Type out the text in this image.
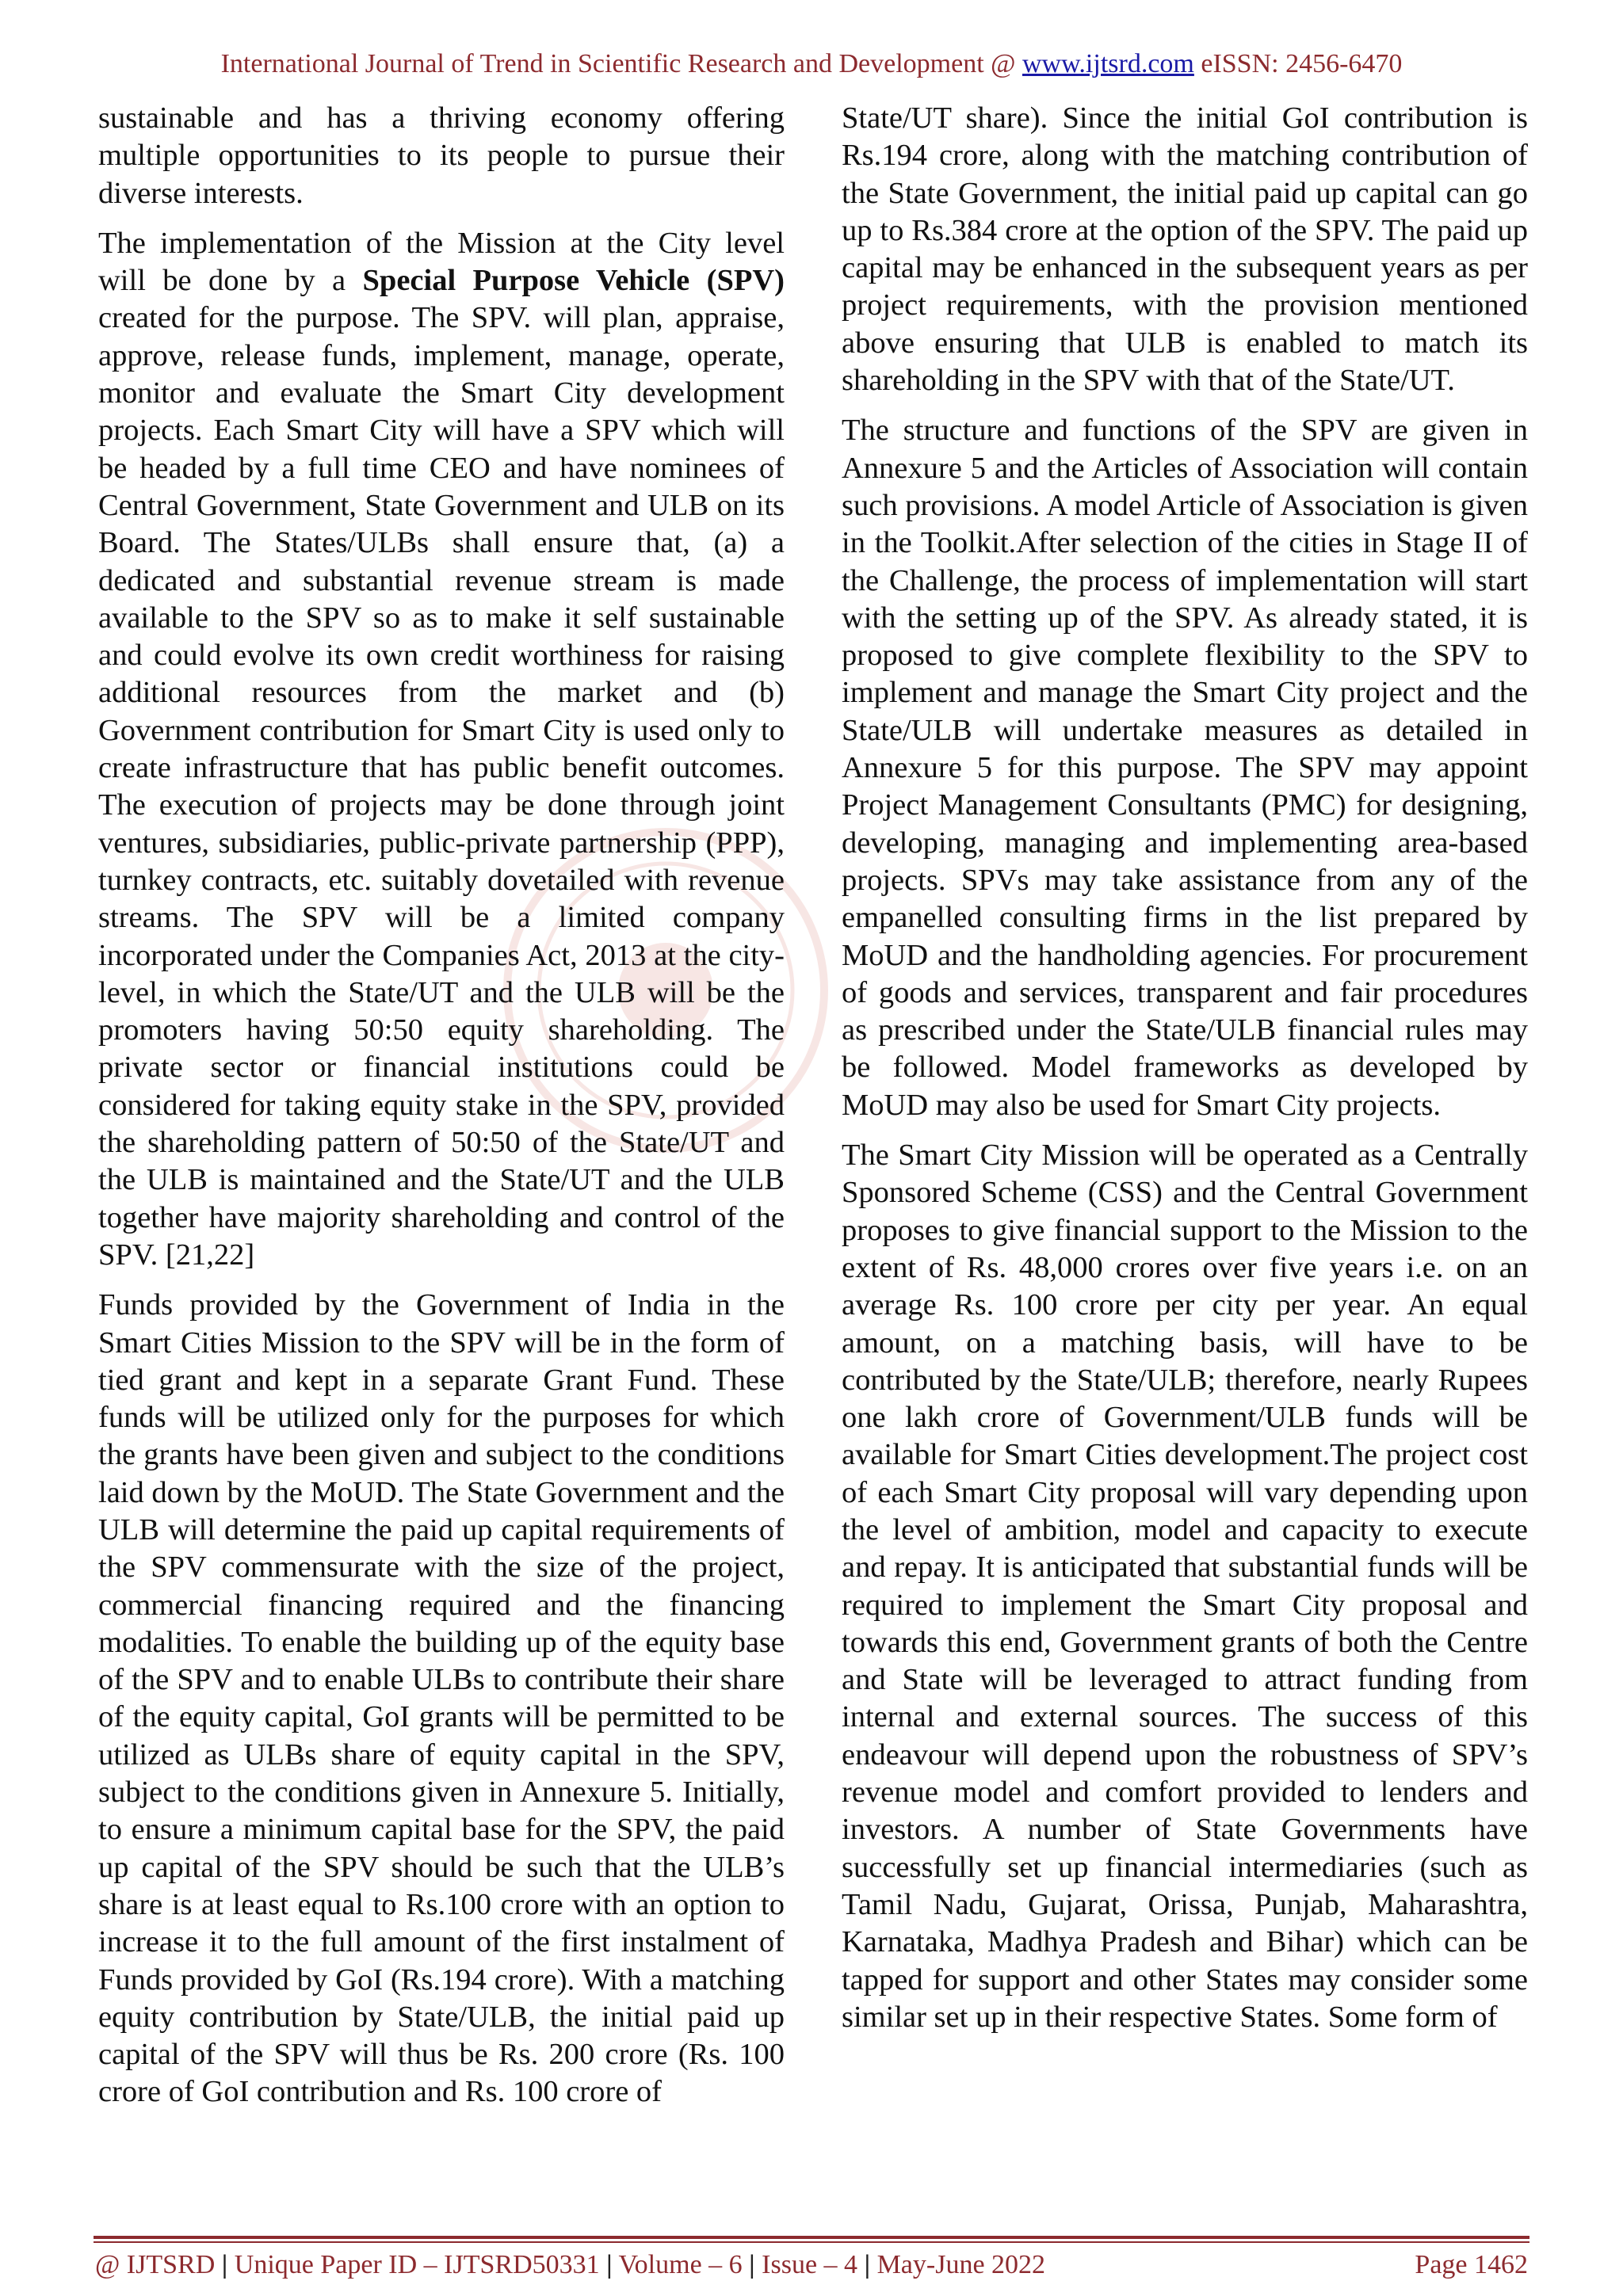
International Journal of Trend in Scientific Research and Development @ www.ijtsrd.com eISSN: 2456-6470

sustainable and has a thriving economy offering multiple opportunities to its people to pursue their diverse interests.

The implementation of the Mission at the City level will be done by a Special Purpose Vehicle (SPV) created for the purpose. The SPV. will plan, appraise, approve, release funds, implement, manage, operate, monitor and evaluate the Smart City development projects. Each Smart City will have a SPV which will be headed by a full time CEO and have nominees of Central Government, State Government and ULB on its Board. The States/ULBs shall ensure that, (a) a dedicated and substantial revenue stream is made available to the SPV so as to make it self sustainable and could evolve its own credit worthiness for raising additional resources from the market and (b) Government contribution for Smart City is used only to create infrastructure that has public benefit outcomes. The execution of projects may be done through joint ventures, subsidiaries, public-private partnership (PPP), turnkey contracts, etc. suitably dovetailed with revenue streams. The SPV will be a limited company incorporated under the Companies Act, 2013 at the city-level, in which the State/UT and the ULB will be the promoters having 50:50 equity shareholding. The private sector or financial institutions could be considered for taking equity stake in the SPV, provided the shareholding pattern of 50:50 of the State/UT and the ULB is maintained and the State/UT and the ULB together have majority shareholding and control of the SPV. [21,22]

Funds provided by the Government of India in the Smart Cities Mission to the SPV will be in the form of tied grant and kept in a separate Grant Fund. These funds will be utilized only for the purposes for which the grants have been given and subject to the conditions laid down by the MoUD. The State Government and the ULB will determine the paid up capital requirements of the SPV commensurate with the size of the project, commercial financing required and the financing modalities. To enable the building up of the equity base of the SPV and to enable ULBs to contribute their share of the equity capital, GoI grants will be permitted to be utilized as ULBs share of equity capital in the SPV, subject to the conditions given in Annexure 5. Initially, to ensure a minimum capital base for the SPV, the paid up capital of the SPV should be such that the ULB’s share is at least equal to Rs.100 crore with an option to increase it to the full amount of the first instalment of Funds provided by GoI (Rs.194 crore). With a matching equity contribution by State/ULB, the initial paid up capital of the SPV will thus be Rs. 200 crore (Rs. 100 crore of GoI contribution and Rs. 100 crore of

State/UT share). Since the initial GoI contribution is Rs.194 crore, along with the matching contribution of the State Government, the initial paid up capital can go up to Rs.384 crore at the option of the SPV. The paid up capital may be enhanced in the subsequent years as per project requirements, with the provision mentioned above ensuring that ULB is enabled to match its shareholding in the SPV with that of the State/UT.

The structure and functions of the SPV are given in Annexure 5 and the Articles of Association will contain such provisions. A model Article of Association is given in the Toolkit.After selection of the cities in Stage II of the Challenge, the process of implementation will start with the setting up of the SPV. As already stated, it is proposed to give complete flexibility to the SPV to implement and manage the Smart City project and the State/ULB will undertake measures as detailed in Annexure 5 for this purpose. The SPV may appoint Project Management Consultants (PMC) for designing, developing, managing and implementing area-based projects. SPVs may take assistance from any of the empanelled consulting firms in the list prepared by MoUD and the handholding agencies. For procurement of goods and services, transparent and fair procedures as prescribed under the State/ULB financial rules may be followed. Model frameworks as developed by MoUD may also be used for Smart City projects.

The Smart City Mission will be operated as a Centrally Sponsored Scheme (CSS) and the Central Government proposes to give financial support to the Mission to the extent of Rs. 48,000 crores over five years i.e. on an average Rs. 100 crore per city per year. An equal amount, on a matching basis, will have to be contributed by the State/ULB; therefore, nearly Rupees one lakh crore of Government/ULB funds will be available for Smart Cities development.The project cost of each Smart City proposal will vary depending upon the level of ambition, model and capacity to execute and repay. It is anticipated that substantial funds will be required to implement the Smart City proposal and towards this end, Government grants of both the Centre and State will be leveraged to attract funding from internal and external sources. The success of this endeavour will depend upon the robustness of SPV’s revenue model and comfort provided to lenders and investors. A number of State Governments have successfully set up financial intermediaries (such as Tamil Nadu, Gujarat, Orissa, Punjab, Maharashtra, Karnataka, Madhya Pradesh and Bihar) which can be tapped for support and other States may consider some similar set up in their respective States. Some form of

@ IJTSRD | Unique Paper ID – IJTSRD50331 | Volume – 6 | Issue – 4 | May-June 2022	Page 1462
